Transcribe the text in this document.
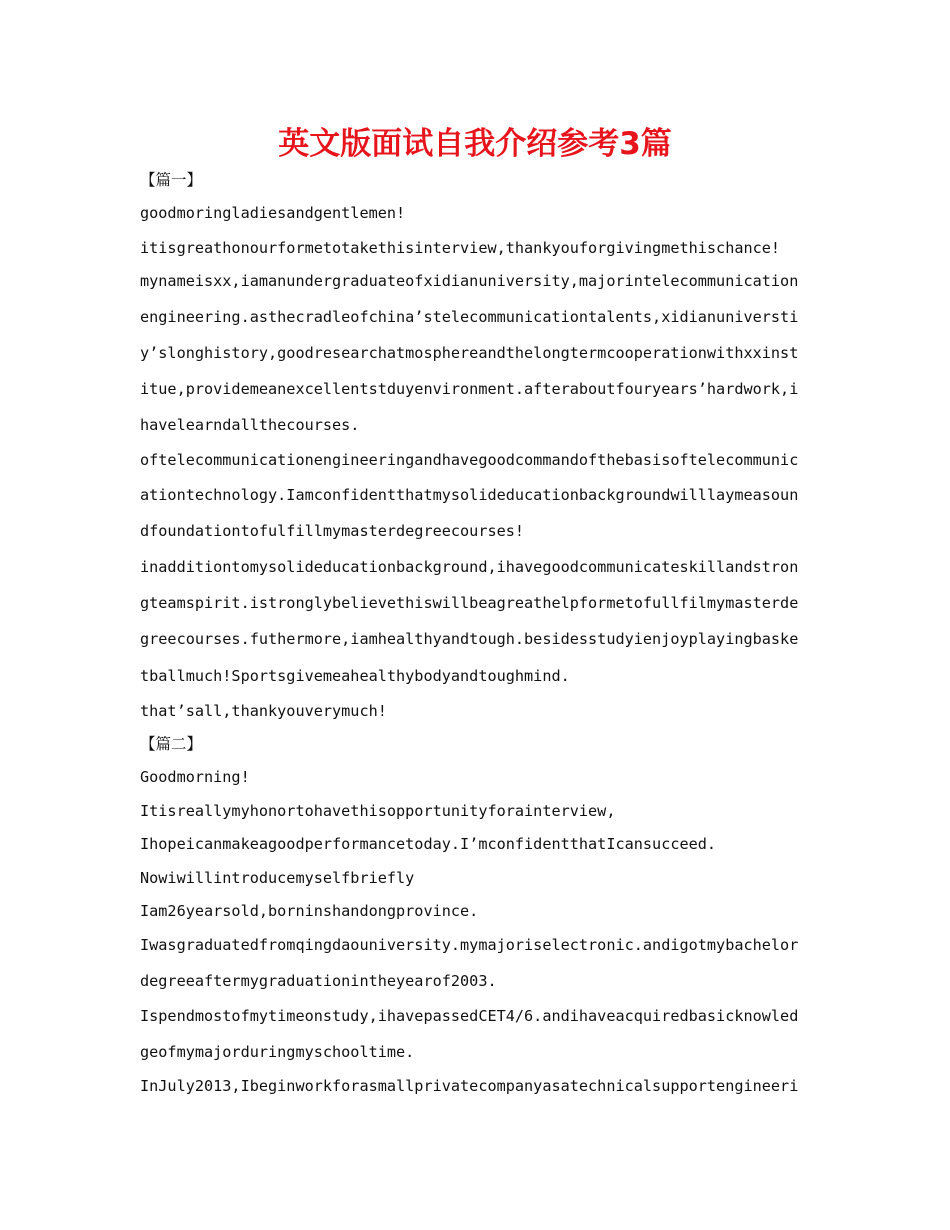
英文版面试自我介绍参考3篇
【篇一】
goodmoringladiesandgentlemen!
itisgreathonourformetotakethisinterview,thankyouforgivingmethischance!
mynameisxx,iamanundergraduateofxidianuniversity,majorintelecommunication
engineering.asthecradleofchina’stelecommunicationtalents,xidianuniversti
y’slonghistory,goodresearchatmosphereandthelongtermcooperationwithxxinst
itue,providemeanexcellentstduyenvironment.afteraboutfouryears’hardwork,i
havelearndallthecourses.
oftelecommunicationengineeringandhavegoodcommandofthebasisoftelecommunic
ationtechnology.Iamconfidentthatmysolideducationbackgroundwilllaymeasoun
dfoundationtofulfillmymasterdegreecourses!
inadditiontomysolideducationbackground,ihavegoodcommunicateskillandstron
gteamspirit.istronglybelievethiswillbeagreathelpformetofullfilmymasterde
greecourses.futhermore,iamhealthyandtough.besidesstudyienjoyplayingbaske
tballmuch!Sportsgivemeahealthybodyandtoughmind.
that’sall,thankyouverymuch!
【篇二】
Goodmorning!
Itisreallymyhonortohavethisopportunityforainterview,
Ihopeicanmakeagoodperformancetoday.I’mconfidentthatIcansucceed.
Nowiwillintroducemyselfbriefly
Iam26yearsold,borninshandongprovince.
Iwasgraduatedfromqingdaouniversity.mymajoriselectronic.andigotmybachelor
degreeaftermygraduationintheyearof2003.
Ispendmostofmytimeonstudy,ihavepassedCET4/6.andihaveacquiredbasicknowled
geofmymajorduringmyschooltime.
InJuly2013,Ibeginworkforasmallprivatecompanyasatechnicalsupportengineeri
